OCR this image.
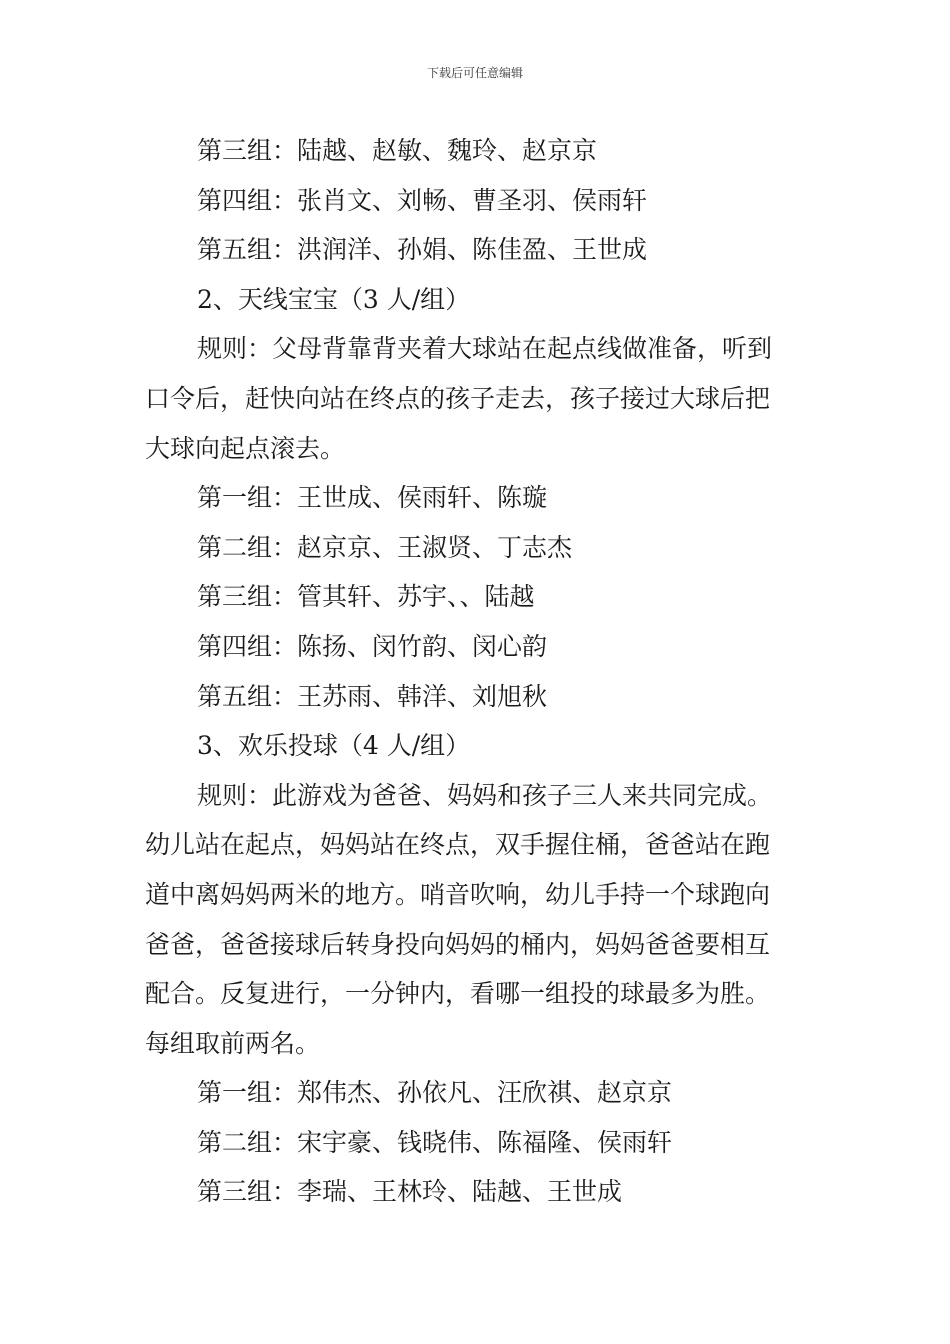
下载后可任意编辑
第三组：陆越、赵敏、魏玲、赵京京
第四组：张肖文、刘畅、曹圣羽、侯雨轩
第五组：洪润洋、孙娟、陈佳盈、王世成
2、天线宝宝（3 人/组）
规则：父母背靠背夹着大球站在起点线做准备，听到
口令后，赶快向站在终点的孩子走去，孩子接过大球后把
大球向起点滚去。
第一组：王世成、侯雨轩、陈璇
第二组：赵京京、王淑贤、丁志杰
第三组：管其轩、苏宇、、陆越
第四组：陈扬、闵竹韵、闵心韵
第五组：王苏雨、韩洋、刘旭秋
3、欢乐投球（4 人/组）
规则：此游戏为爸爸、妈妈和孩子三人来共同完成。
幼儿站在起点，妈妈站在终点，双手握住桶，爸爸站在跑
道中离妈妈两米的地方。哨音吹响，幼儿手持一个球跑向
爸爸，爸爸接球后转身投向妈妈的桶内，妈妈爸爸要相互
配合。反复进行，一分钟内，看哪一组投的球最多为胜。
每组取前两名。
第一组：郑伟杰、孙依凡、汪欣祺、赵京京
第二组：宋宇豪、钱晓伟、陈福隆、侯雨轩
第三组：李瑞、王林玲、陆越、王世成
